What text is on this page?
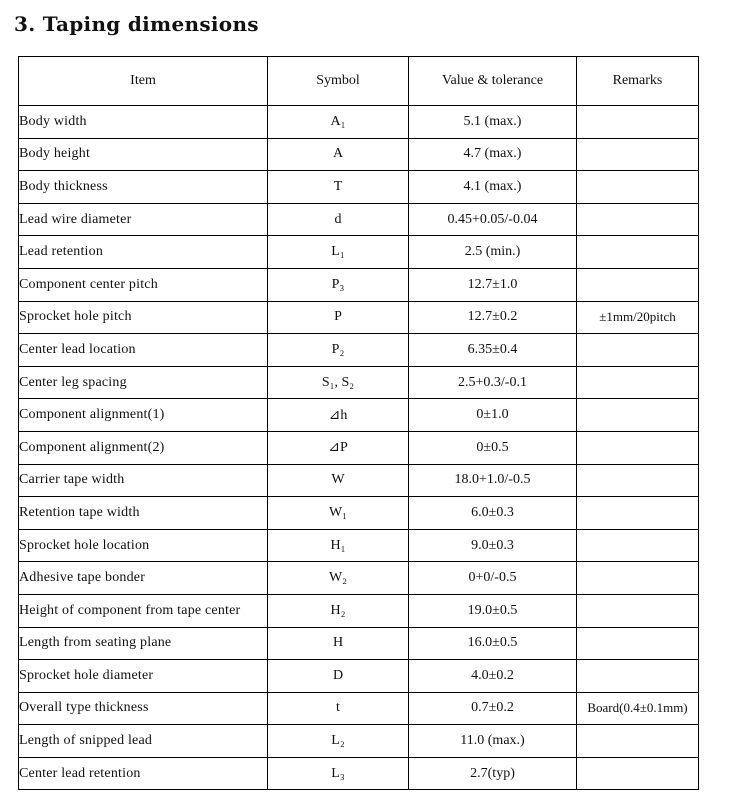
3. Taping dimensions
Item	Symbol	Value & tolerance	Remarks
Body width	A₁	5.1 (max.)	
Body height	A	4.7 (max.)	
Body thickness	T	4.1 (max.)	
Lead wire diameter	d	0.45+0.05/-0.04	
Lead retention	L₁	2.5 (min.)	
Component center pitch	P₃	12.7±1.0	
Sprocket hole pitch	P	12.7±0.2	±1mm/20pitch
Center lead location	P₂	6.35±0.4	
Center leg spacing	S₁, S₂	2.5+0.3/-0.1	
Component alignment(1)	⊿h	0±1.0	
Component alignment(2)	⊿P	0±0.5	
Carrier tape width	W	18.0+1.0/-0.5	
Retention tape width	W₁	6.0±0.3	
Sprocket hole location	H₁	9.0±0.3	
Adhesive tape bonder	W₂	0+0/-0.5	
Height of component from tape center	H₂	19.0±0.5	
Length from seating plane	H	16.0±0.5	
Sprocket hole diameter	D	4.0±0.2	
Overall type thickness	t	0.7±0.2	Board(0.4±0.1mm)
Length of snipped lead	L₂	11.0 (max.)	
Center lead retention	L₃	2.7(typ)	
